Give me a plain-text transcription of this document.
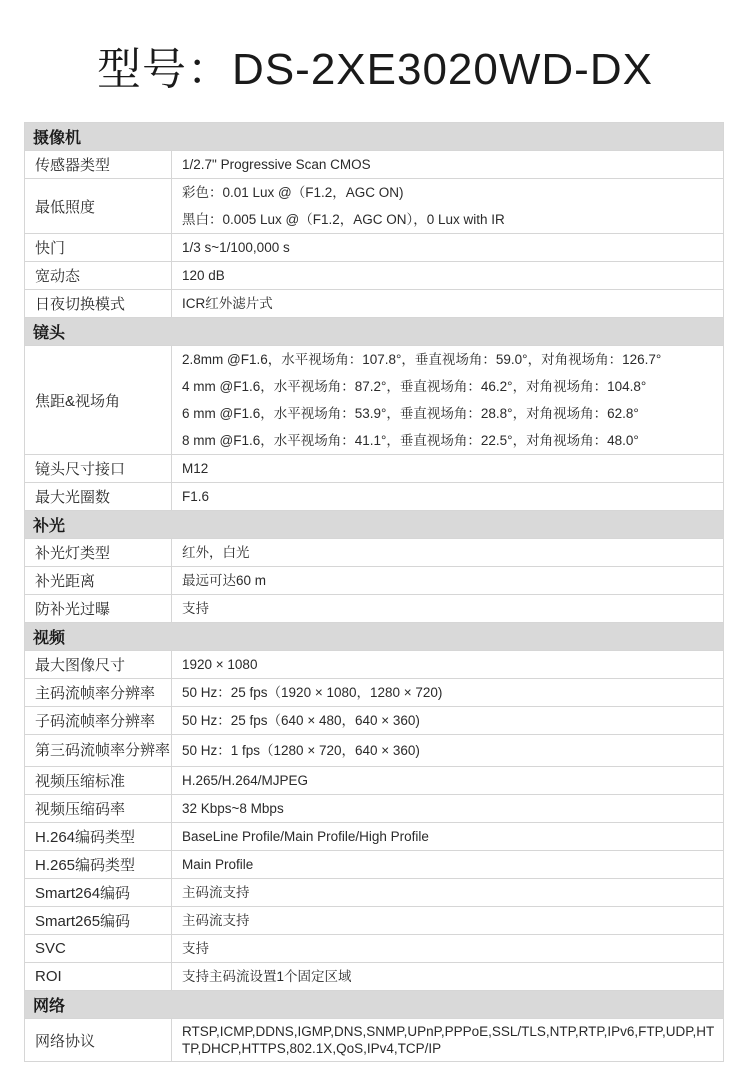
型号：DS-2XE3020WD-DX
摄像机	
传感器类型	1/2.7" Progressive Scan CMOS

最低照度	彩色：0.01 Lux @（F1.2，AGC ON)
黑白：0.005 Lux @（F1.2，AGC ON），0 Lux with IR

快门	1/3 s~1/100,000 s

宽动态	120 dB

日夜切换模式	ICR红外滤片式

镜头	
焦距&视场角	2.8mm @F1.6，水平视场角：107.8°，垂直视场角：59.0°，对角视场角：126.7°
4 mm @F1.6，水平视场角：87.2°，垂直视场角：46.2°，对角视场角：104.8°
6 mm @F1.6，水平视场角：53.9°，垂直视场角：28.8°，对角视场角：62.8°
8 mm @F1.6，水平视场角：41.1°，垂直视场角：22.5°，对角视场角：48.0°

镜头尺寸接口	M12

最大光圈数	F1.6

补光	
补光灯类型	红外，白光

补光距离	最远可达60 m

防补光过曝	支持

视频	
最大图像尺寸	1920 × 1080

主码流帧率分辨率	50 Hz：25 fps（1920 × 1080，1280 × 720)

子码流帧率分辨率	50 Hz：25 fps（640 × 480，640 × 360)

第三码流帧率分辨率	50 Hz：1 fps（1280 × 720，640 × 360)

视频压缩标准	H.265/H.264/MJPEG

视频压缩码率	32 Kbps~8 Mbps

H.264编码类型	BaseLine Profile/Main Profile/High Profile

H.265编码类型	Main Profile

Smart264编码	主码流支持

Smart265编码	主码流支持

SVC	支持

ROI	支持主码流设置1个固定区域

网络	
网络协议	RTSP,ICMP,DDNS,IGMP,DNS,SNMP,UPnP,PPPoE,SSL/TLS,NTP,RTP,IPv6,FTP,UDP,HTTP,DHCP,HTTPS,802.1X,QoS,IPv4,TCP/IP
